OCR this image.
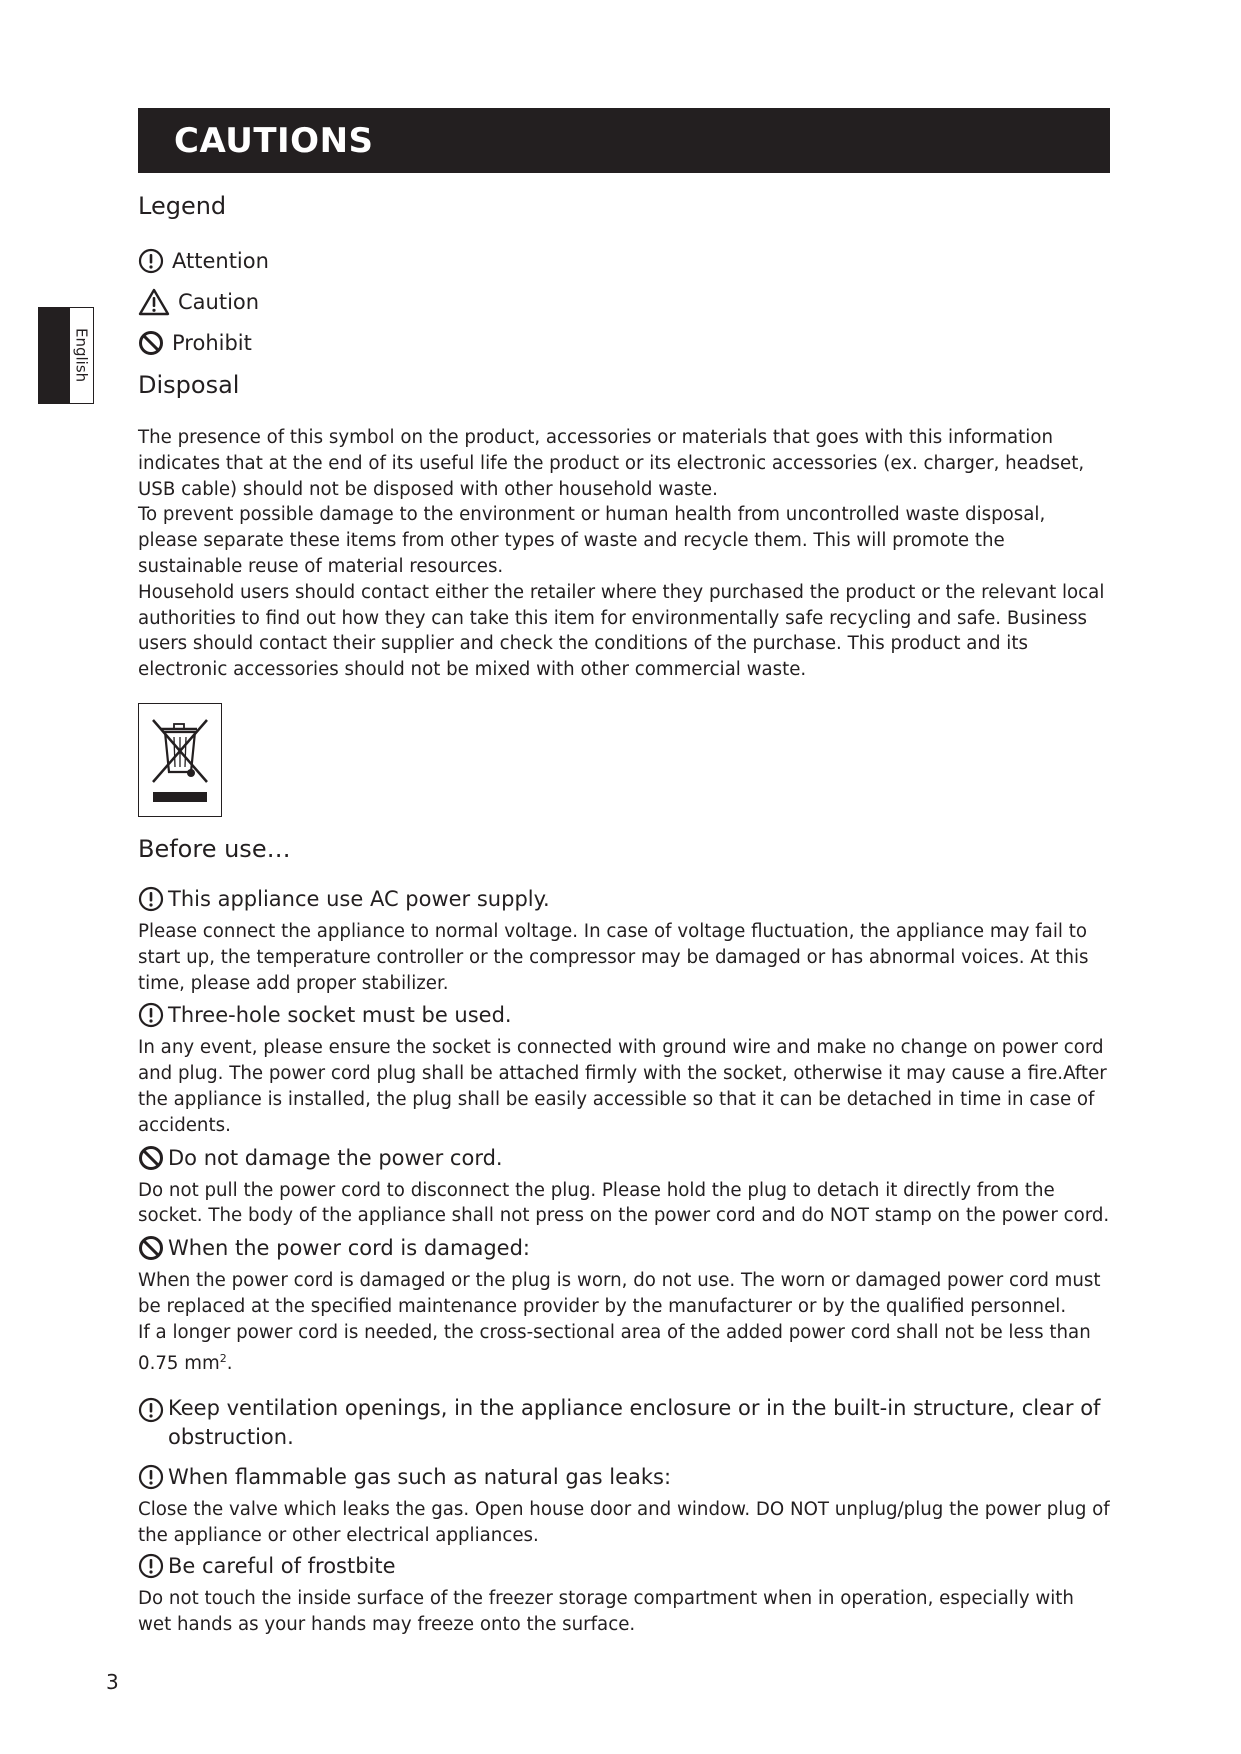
English
CAUTIONS
Legend
Attention
Caution
Prohibit
Disposal

The presence of this symbol on the product, accessories or materials that goes with this information indicates that at the end of its useful life the product or its electronic accessories (ex. charger, headset, USB cable) should not be disposed with other household waste.

To prevent possible damage to the environment or human health from uncontrolled waste disposal, please separate these items from other types of waste and recycle them. This will promote the sustainable reuse of material resources.

Household users should contact either the retailer where they purchased the product or the relevant local authorities to find out how they can take this item for environmentally safe recycling and safe. Business users should contact their supplier and check the conditions of the purchase. This product and its electronic accessories should not be mixed with other commercial waste.

Before use…

This appliance use AC power supply.

Please connect the appliance to normal voltage. In case of voltage fluctuation, the appliance may fail to start up, the temperature controller or the compressor may be damaged or has abnormal voices. At this time, please add proper stabilizer.

Three-hole socket must be used.

In any event, please ensure the socket is connected with ground wire and make no change on power cord and plug. The power cord plug shall be attached firmly with the socket, otherwise it may cause a fire.After the appliance is installed, the plug shall be easily accessible so that it can be detached in time in case of accidents.

Do not damage the power cord.

Do not pull the power cord to disconnect the plug. Please hold the plug to detach it directly from the socket. The body of the appliance shall not press on the power cord and do NOT stamp on the power cord.

When the power cord is damaged:

When the power cord is damaged or the plug is worn, do not use. The worn or damaged power cord must be replaced at the specified maintenance provider by the manufacturer or by the qualified personnel.

If a longer power cord is needed, the cross-sectional area of the added power cord shall not be less than 0.75 $mm^2$.

Keep ventilation openings, in the appliance enclosure or in the built-in structure, clear of obstruction.

When flammable gas such as natural gas leaks:

Close the valve which leaks the gas. Open house door and window. DO NOT unplug/plug the power plug of the appliance or other electrical appliances.

Be careful of frostbite

Do not touch the inside surface of the freezer storage compartment when in operation, especially with wet hands as your hands may freeze onto the surface.

3
